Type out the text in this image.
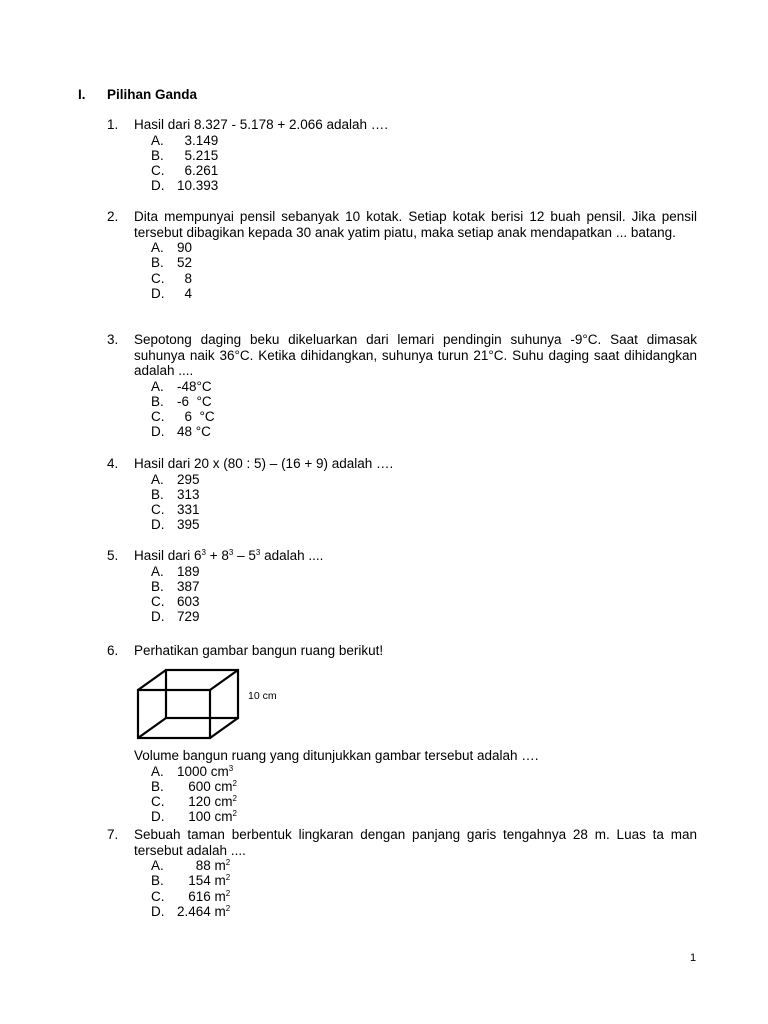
I. Pilihan Ganda
1. Hasil dari 8.327 - 5.178 + 2.066 adalah ….
A. 3.149
B. 5.215
C. 6.261
D. 10.393
2. Dita mempunyai pensil sebanyak 10 kotak. Setiap kotak berisi 12 buah pensil. Jika pensil tersebut dibagikan kepada 30 anak yatim piatu, maka setiap anak mendapatkan ... batang.
A. 90
B. 52
C. 8
D. 4
3. Sepotong daging beku dikeluarkan dari lemari pendingin suhunya -9°C. Saat dimasak suhunya naik 36°C. Ketika dihidangkan, suhunya turun 21°C. Suhu daging saat dihidangkan adalah ....
A. -48°C
B. -6  °C
C. 6  °C
D. 48 °C
4. Hasil dari 20 x (80 : 5) – (16 + 9) adalah ….
A. 295
B. 313
C. 331
D. 395
5. Hasil dari $6^3 + 8^3 - 5^3$ adalah ....
A. 189
B. 387
C. 603
D. 729
6. Perhatikan gambar bangun ruang berikut!
10 cm
Volume bangun ruang yang ditunjukkan gambar tersebut adalah ….
A. 1000 $cm^3$
B. 600 $cm^2$
C. 120 $cm^2$
D. 100 $cm^2$
7. Sebuah taman berbentuk lingkaran dengan panjang garis tengahnya 28 m. Luas ta man tersebut adalah ....
A. 88 $m^2$
B. 154 $m^2$
C. 616 $m^2$
D. 2.464 $m^2$
1
